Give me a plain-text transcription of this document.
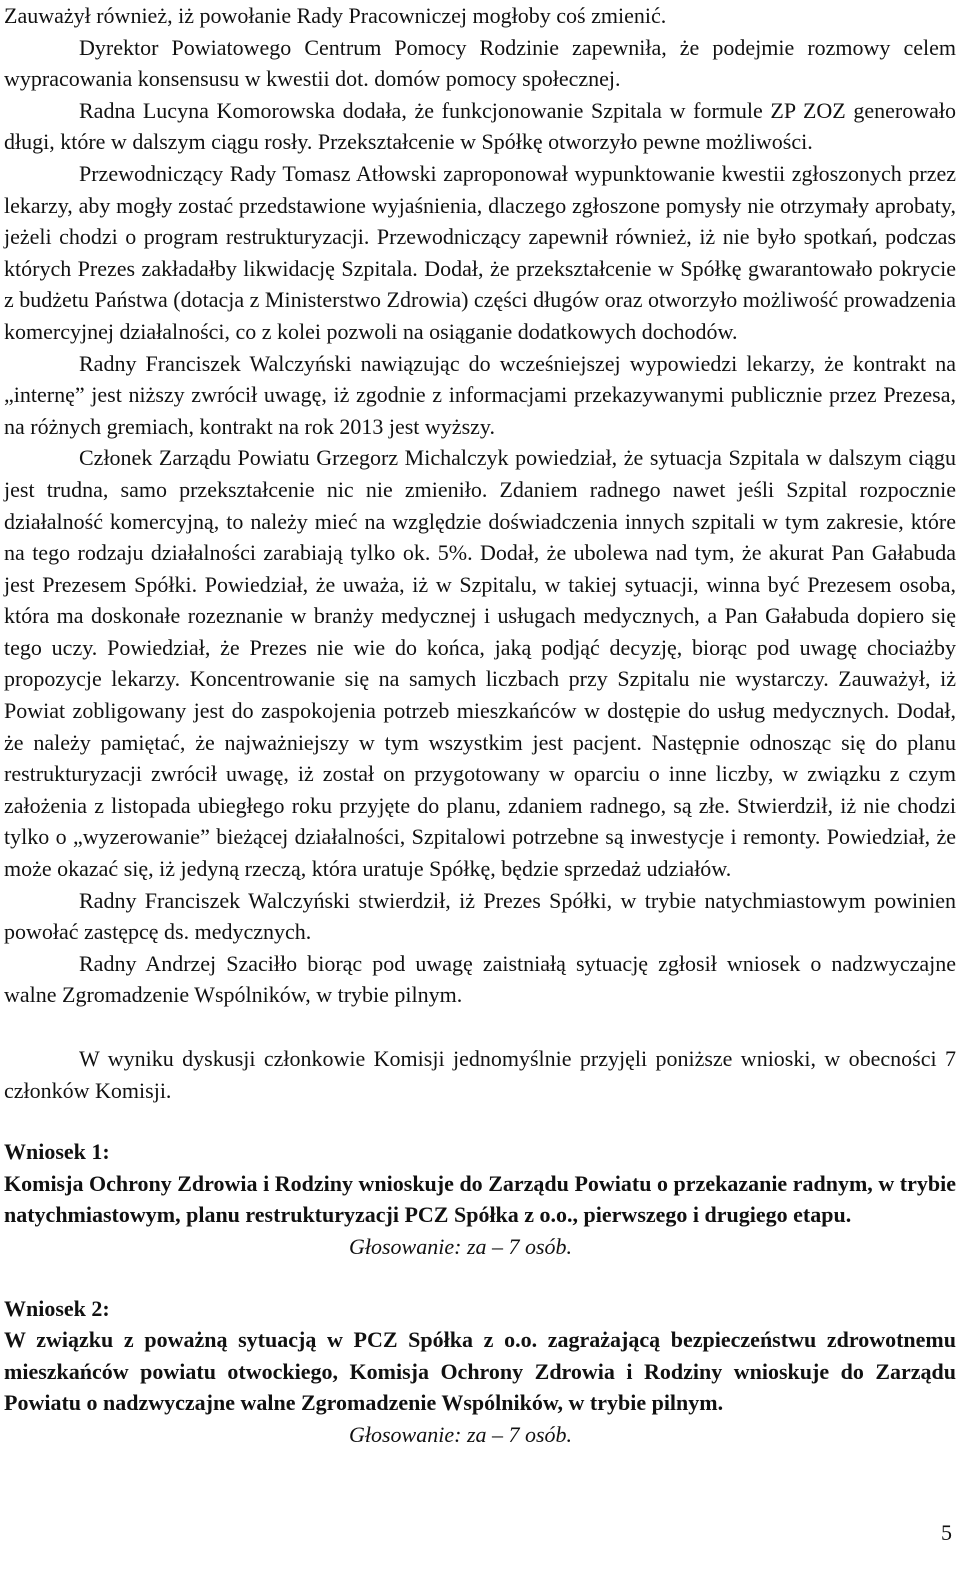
Zauważył również, iż powołanie Rady Pracowniczej mogłoby coś zmienić.

Dyrektor Powiatowego Centrum Pomocy Rodzinie zapewniła, że podejmie rozmowy celem wypracowania konsensusu w kwestii dot. domów pomocy społecznej.

Radna Lucyna Komorowska dodała, że funkcjonowanie Szpitala w formule ZP ZOZ generowało długi, które w dalszym ciągu rosły. Przekształcenie w Spółkę otworzyło pewne możliwości.

Przewodniczący Rady Tomasz Atłowski zaproponował wypunktowanie kwestii zgłoszonych przez lekarzy, aby mogły zostać przedstawione wyjaśnienia, dlaczego zgłoszone pomysły nie otrzymały aprobaty, jeżeli chodzi o program restrukturyzacji. Przewodniczący zapewnił również, iż nie było spotkań, podczas których Prezes zakładałby likwidację Szpitala. Dodał, że przekształcenie w Spółkę gwarantowało pokrycie z budżetu Państwa (dotacja z Ministerstwo Zdrowia) części długów oraz otworzyło możliwość prowadzenia komercyjnej działalności, co z kolei pozwoli na osiąganie dodatkowych dochodów.

Radny Franciszek Walczyński nawiązując do wcześniejszej wypowiedzi lekarzy, że kontrakt na „internę” jest niższy zwrócił uwagę, iż zgodnie z informacjami przekazywanymi publicznie przez Prezesa, na różnych gremiach, kontrakt na rok 2013 jest wyższy.

Członek Zarządu Powiatu Grzegorz Michalczyk powiedział, że sytuacja Szpitala w dalszym ciągu jest trudna, samo przekształcenie nic nie zmieniło. Zdaniem radnego nawet jeśli Szpital rozpocznie działalność komercyjną, to należy mieć na względzie doświadczenia innych szpitali w tym zakresie, które na tego rodzaju działalności zarabiają tylko ok. 5%. Dodał, że ubolewa nad tym, że akurat Pan Gałabuda jest Prezesem Spółki. Powiedział, że uważa, iż w Szpitalu, w takiej sytuacji, winna być Prezesem osoba, która ma doskonałe rozeznanie w branży medycznej i usługach medycznych, a Pan Gałabuda dopiero się tego uczy. Powiedział, że Prezes nie wie do końca, jaką podjąć decyzję, biorąc pod uwagę chociażby propozycje lekarzy. Koncentrowanie się na samych liczbach przy Szpitalu nie wystarczy. Zauważył, iż Powiat zobligowany jest do zaspokojenia potrzeb mieszkańców w dostępie do usług medycznych. Dodał, że należy pamiętać, że najważniejszy w tym wszystkim jest pacjent. Następnie odnosząc się do planu restrukturyzacji zwrócił uwagę, iż został on przygotowany w oparciu o inne liczby, w związku z czym założenia z listopada ubiegłego roku przyjęte do planu, zdaniem radnego, są złe. Stwierdził, iż nie chodzi tylko o „wyzerowanie” bieżącej działalności, Szpitalowi potrzebne są inwestycje i remonty. Powiedział, że może okazać się, iż jedyną rzeczą, która uratuje Spółkę, będzie sprzedaż udziałów.

Radny Franciszek Walczyński stwierdził, iż Prezes Spółki, w trybie natychmiastowym powinien powołać zastępcę ds. medycznych.

Radny Andrzej Szaciłło biorąc pod uwagę zaistniałą sytuację zgłosił wniosek o nadzwyczajne walne Zgromadzenie Wspólników, w trybie pilnym.

W wyniku dyskusji członkowie Komisji jednomyślnie przyjęli poniższe wnioski, w obecności 7 członków Komisji.

Wniosek 1:

Komisja Ochrony Zdrowia i Rodziny wnioskuje do Zarządu Powiatu o przekazanie radnym, w trybie natychmiastowym, planu restrukturyzacji PCZ Spółka z o.o., pierwszego i drugiego etapu.

Głosowanie: za – 7 osób.

Wniosek 2:

W związku z poważną sytuacją w PCZ Spółka z o.o. zagrażającą bezpieczeństwu zdrowotnemu mieszkańców powiatu otwockiego, Komisja Ochrony Zdrowia i Rodziny wnioskuje do Zarządu Powiatu o nadzwyczajne walne Zgromadzenie Wspólników, w trybie pilnym.

Głosowanie: za – 7 osób.

5
